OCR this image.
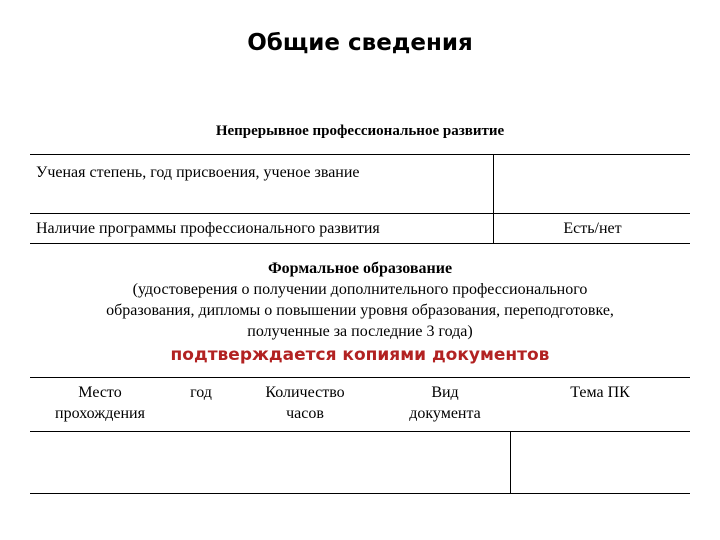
Общие сведения
Непрерывное профессиональное развитие
Ученая степень, год присвоения, ученое звание
Наличие программы профессионального развития	Есть/нет
Формальное образование
(удостоверения о получении дополнительного профессионального
образования, дипломы о повышении уровня образования, переподготовке,
полученные за последние 3 года)
подтверждается копиями документов
Место
прохождения
год	Количество
часов
Вид
документа
Тема ПК
